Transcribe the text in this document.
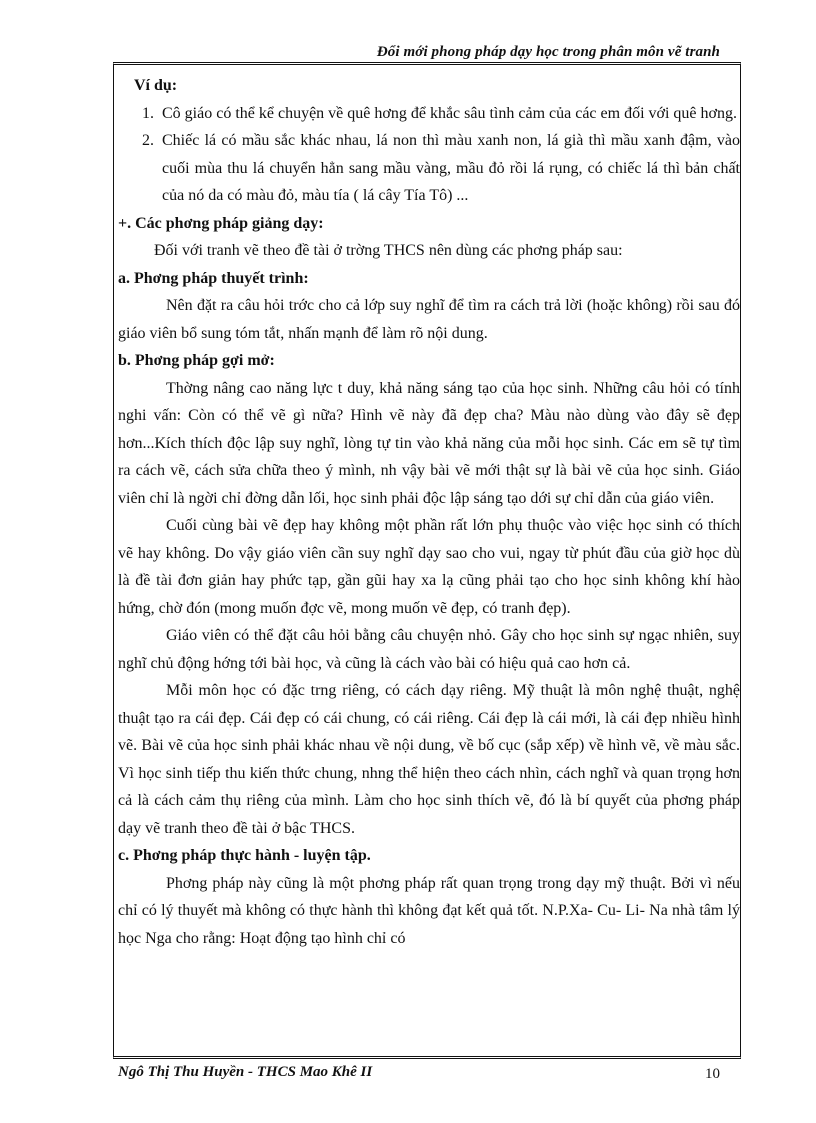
Đổi mới phong pháp dạy học trong phân môn vẽ tranh

Ví dụ:

1. Cô giáo có thể kể chuyện về quê hơng để khắc sâu tình cảm của các em đối với quê hơng.
2. Chiếc lá có mầu sắc khác nhau, lá non thì màu xanh non, lá già thì mầu xanh đậm, vào cuối mùa thu lá chuyển hẳn sang mầu vàng, mầu đỏ rồi lá rụng, có chiếc lá thì bản chất của nó da có màu đỏ, màu tía ( lá cây Tía Tô) ...

+. Các phơng pháp giảng dạy:

Đối với tranh vẽ theo đề tài ở trờng THCS nên dùng các phơng pháp sau:

a. Phơng pháp thuyết trình:

Nên đặt ra câu hỏi trớc cho cả lớp suy nghĩ để tìm ra cách trả lời (hoặc không) rồi sau đó giáo viên bổ sung tóm tắt, nhấn mạnh để làm rõ nội dung.

b. Phơng pháp gợi mở:

Thờng nâng cao năng lực t duy, khả năng sáng tạo của học sinh. Những câu hỏi có tính nghi vấn: Còn có thể vẽ gì nữa? Hình vẽ này đã đẹp cha? Màu nào dùng vào đây sẽ đẹp hơn...Kích thích độc lập suy nghĩ, lòng tự tin vào khả năng của mỗi học sinh. Các em sẽ tự tìm ra cách vẽ, cách sửa chữa theo ý mình, nh vậy bài vẽ mới thật sự là bài vẽ của học sinh. Giáo viên chỉ là ngời chỉ đờng dẫn lối, học sinh phải độc lập sáng tạo dới sự chỉ dẫn của giáo viên.

Cuối cùng bài vẽ đẹp hay không một phần rất lớn phụ thuộc vào việc học sinh có thích vẽ hay không. Do vậy giáo viên cần suy nghĩ dạy sao cho vui, ngay từ phút đầu của giờ học dù là đề tài đơn giản hay phức tạp, gần gũi hay xa lạ cũng phải tạo cho học sinh không khí hào hứng, chờ đón (mong muốn đợc vẽ, mong muốn vẽ đẹp, có tranh đẹp).

Giáo viên có thể đặt câu hỏi bằng câu chuyện nhỏ. Gây cho học sinh sự ngạc nhiên, suy nghĩ chủ động hớng tới bài học, và cũng là cách vào bài có hiệu quả cao hơn cả.

Mỗi môn học có đặc trng riêng, có cách dạy riêng. Mỹ thuật là môn nghệ thuật, nghệ thuật tạo ra cái đẹp. Cái đẹp có cái chung, có cái riêng. Cái đẹp là cái mới, là cái đẹp nhiều hình vẽ. Bài vẽ của học sinh phải khác nhau về nội dung, về bố cục (sắp xếp) về hình vẽ, về màu sắc. Vì học sinh tiếp thu kiến thức chung, nhng thể hiện theo cách nhìn, cách nghĩ và quan trọng hơn cả là cách cảm thụ riêng của mình. Làm cho học sinh thích vẽ, đó là bí quyết của phơng pháp dạy vẽ tranh theo đề tài ở bậc THCS.

c. Phơng pháp thực hành - luyện tập.

Phơng pháp này cũng là một phơng pháp rất quan trọng trong dạy mỹ thuật. Bởi vì nếu chỉ có lý thuyết mà không có thực hành thì không đạt kết quả tốt. N.P.Xa- Cu- Li- Na nhà tâm lý học Nga cho rằng: Hoạt động tạo hình chỉ có

Ngô Thị Thu Huyền - THCS Mao Khê II	10
